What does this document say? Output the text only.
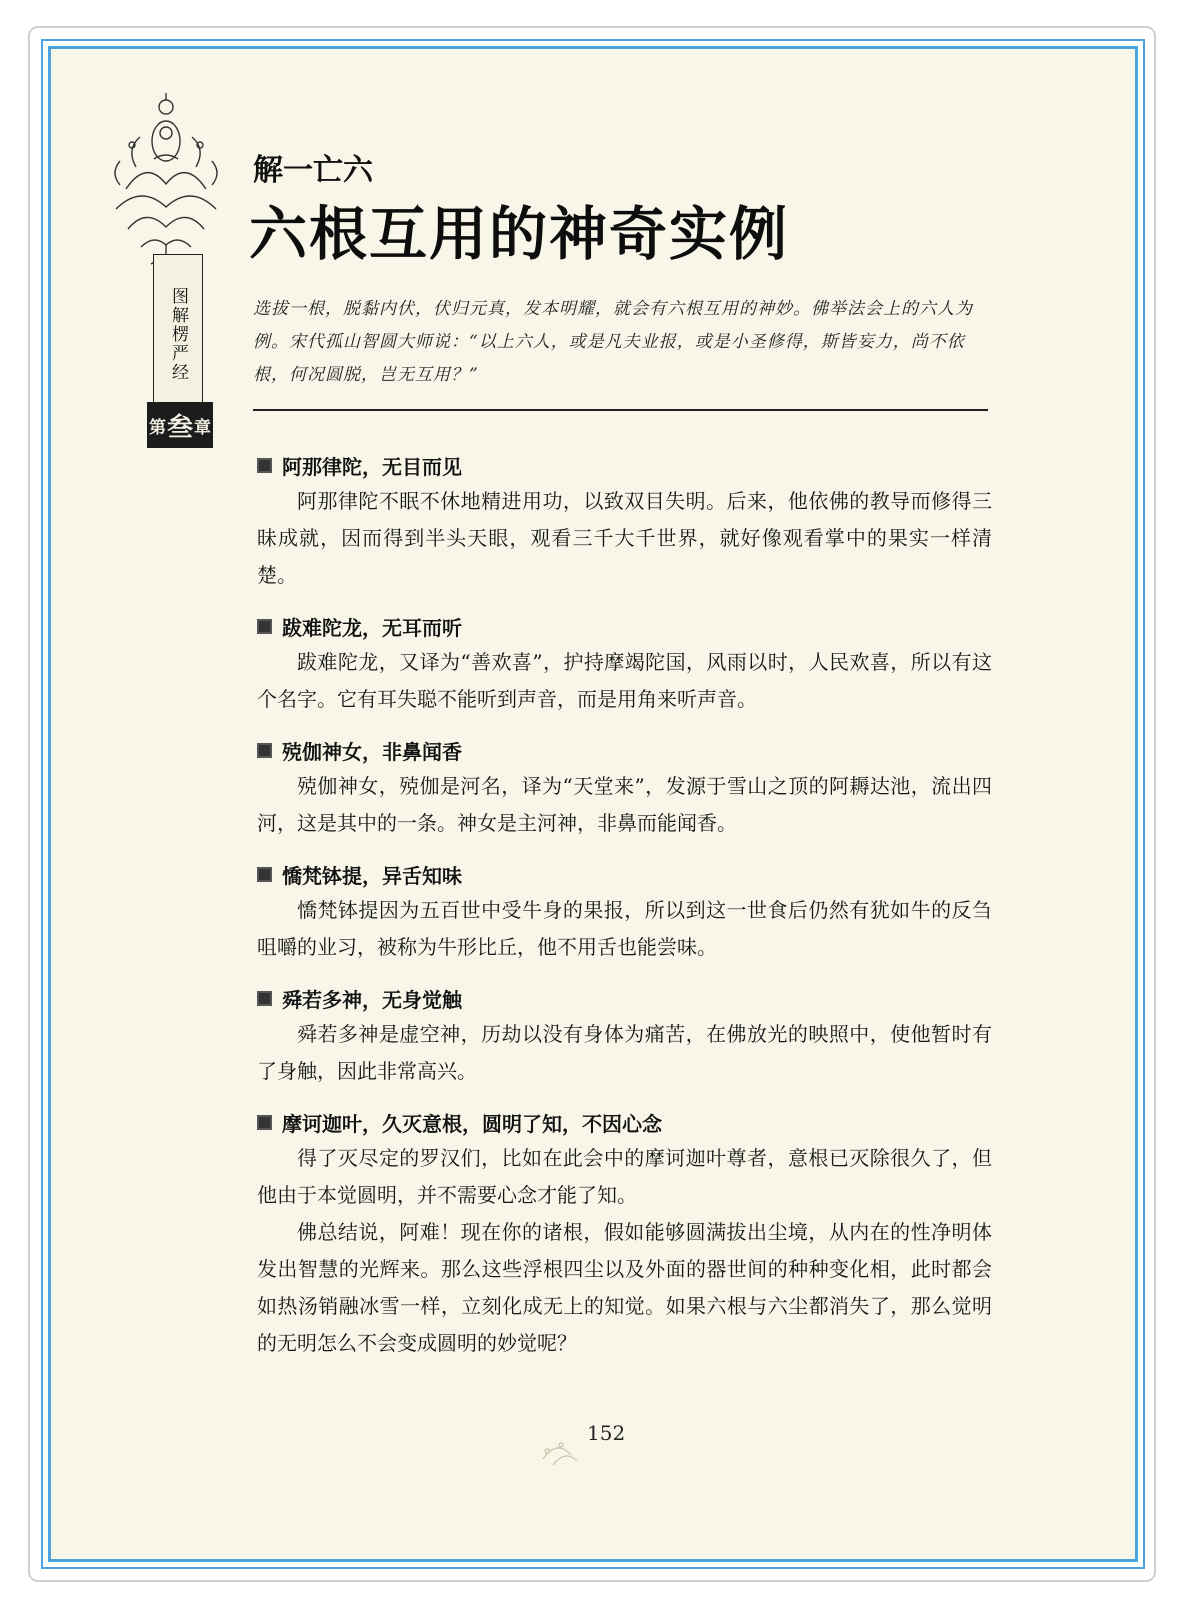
图解楞严经
第 叁 章
解一亡六
六根互用的神奇实例
选拔一根，脱黏内伏，伏归元真，发本明耀，就会有六根互用的神妙。佛举法会上的六人为例。宋代孤山智圆大师说：“以上六人，或是凡夫业报，或是小圣修得，斯皆妄力，尚不依根，何况圆脱，岂无互用？”
阿那律陀，无目而见

阿那律陀不眠不休地精进用功，以致双目失明。后来，他依佛的教导而修得三昧成就，因而得到半头天眼，观看三千大千世界，就好像观看掌中的果实一样清楚。

跋难陀龙，无耳而听

跋难陀龙，又译为“善欢喜”，护持摩竭陀国，风雨以时，人民欢喜，所以有这个名字。它有耳失聪不能听到声音，而是用角来听声音。

殑伽神女，非鼻闻香

殑伽神女，殑伽是河名，译为“天堂来”，发源于雪山之顶的阿耨达池，流出四河，这是其中的一条。神女是主河神，非鼻而能闻香。

憍梵钵提，异舌知味

憍梵钵提因为五百世中受牛身的果报，所以到这一世食后仍然有犹如牛的反刍咀嚼的业习，被称为牛形比丘，他不用舌也能尝味。

舜若多神，无身觉触

舜若多神是虚空神，历劫以没有身体为痛苦，在佛放光的映照中，使他暂时有了身触，因此非常高兴。

摩诃迦叶，久灭意根，圆明了知，不因心念

得了灭尽定的罗汉们，比如在此会中的摩诃迦叶尊者，意根已灭除很久了，但他由于本觉圆明，并不需要心念才能了知。

佛总结说，阿难！现在你的诸根，假如能够圆满拔出尘境，从内在的性净明体发出智慧的光辉来。那么这些浮根四尘以及外面的器世间的种种变化相，此时都会如热汤销融冰雪一样，立刻化成无上的知觉。如果六根与六尘都消失了，那么觉明的无明怎么不会变成圆明的妙觉呢？

152
